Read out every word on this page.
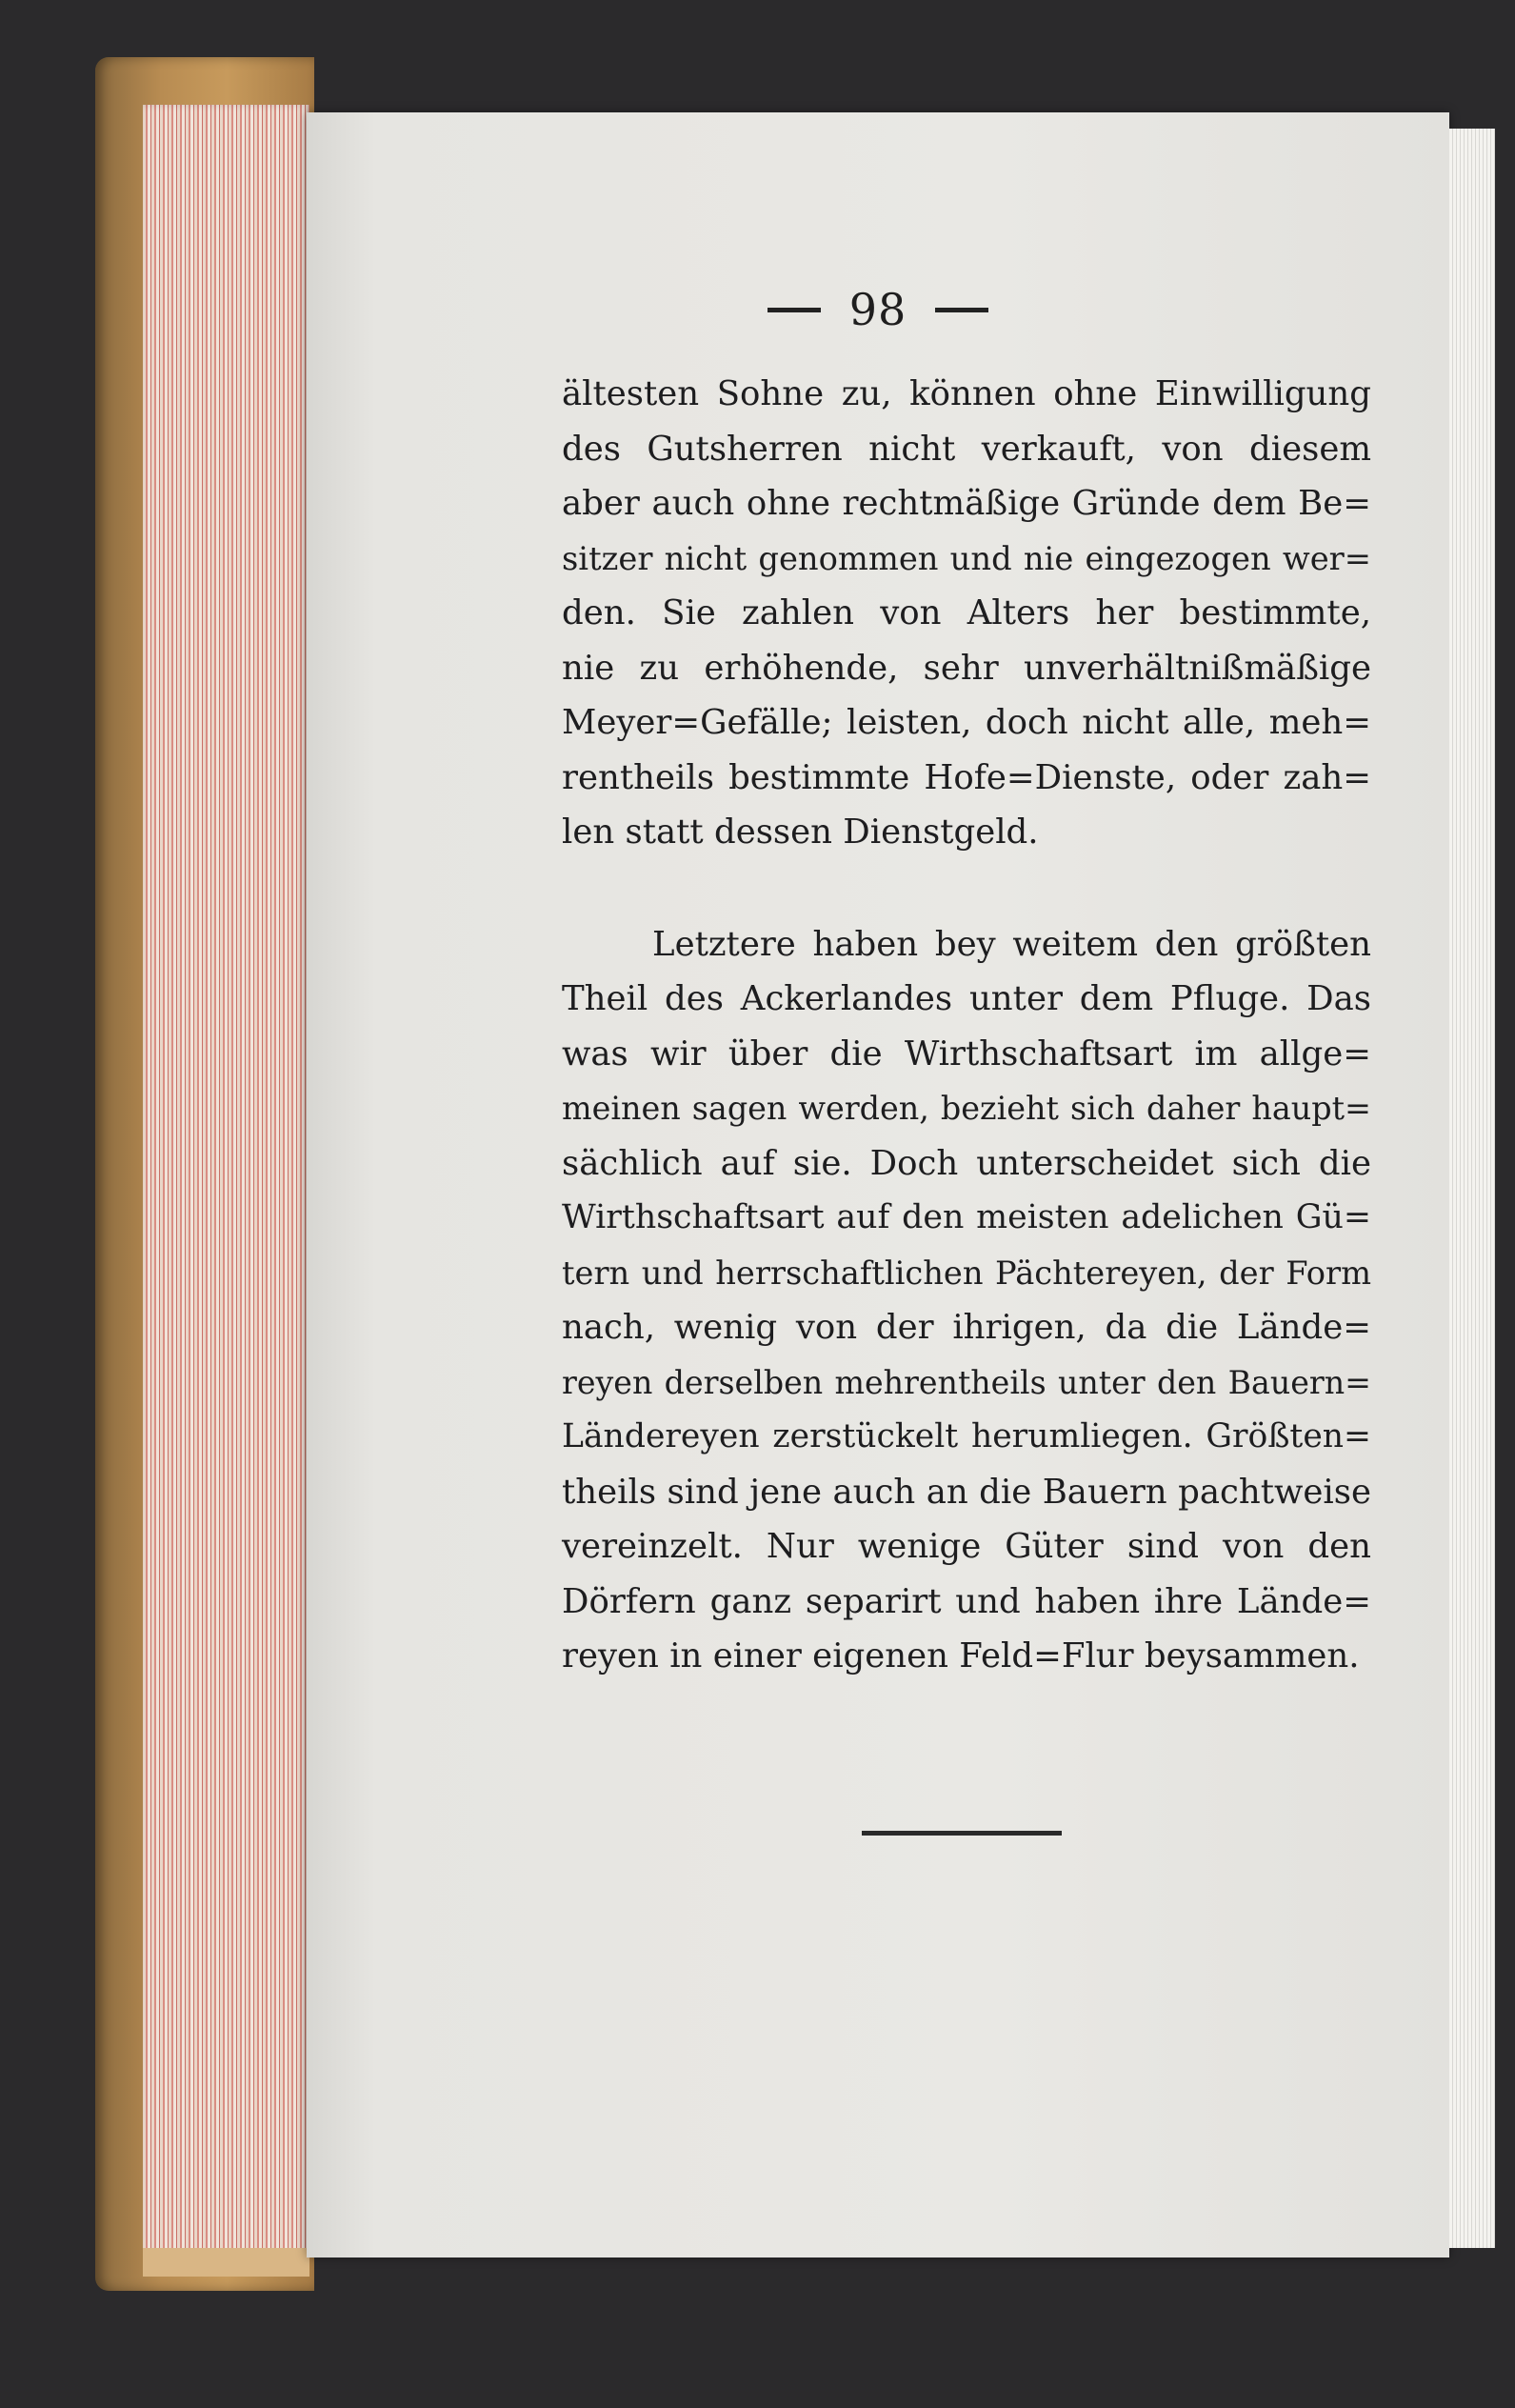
98
ältesten Sohne zu, können ohne Einwilligung
des Gutsherren nicht verkauft, von diesem
aber auch ohne rechtmäßige Gründe dem Be=
sitzer nicht genommen und nie eingezogen wer=
den. Sie zahlen von Alters her bestimmte,
nie zu erhöhende, sehr unverhältnißmäßige
Meyer=Gefälle; leisten, doch nicht alle, meh=
rentheils bestimmte Hofe=Dienste, oder zah=
len statt dessen Dienstgeld.
Letztere haben bey weitem den größten
Theil des Ackerlandes unter dem Pfluge. Das
was wir über die Wirthschaftsart im allge=
meinen sagen werden, bezieht sich daher haupt=
sächlich auf sie. Doch unterscheidet sich die
Wirthschaftsart auf den meisten adelichen Gü=
tern und herrschaftlichen Pächtereyen, der Form
nach, wenig von der ihrigen, da die Lände=
reyen derselben mehrentheils unter den Bauern=
Ländereyen zerstückelt herumliegen. Größten=
theils sind jene auch an die Bauern pachtweise
vereinzelt. Nur wenige Güter sind von den
Dörfern ganz separirt und haben ihre Lände=
reyen in einer eigenen Feld=Flur beysammen.
